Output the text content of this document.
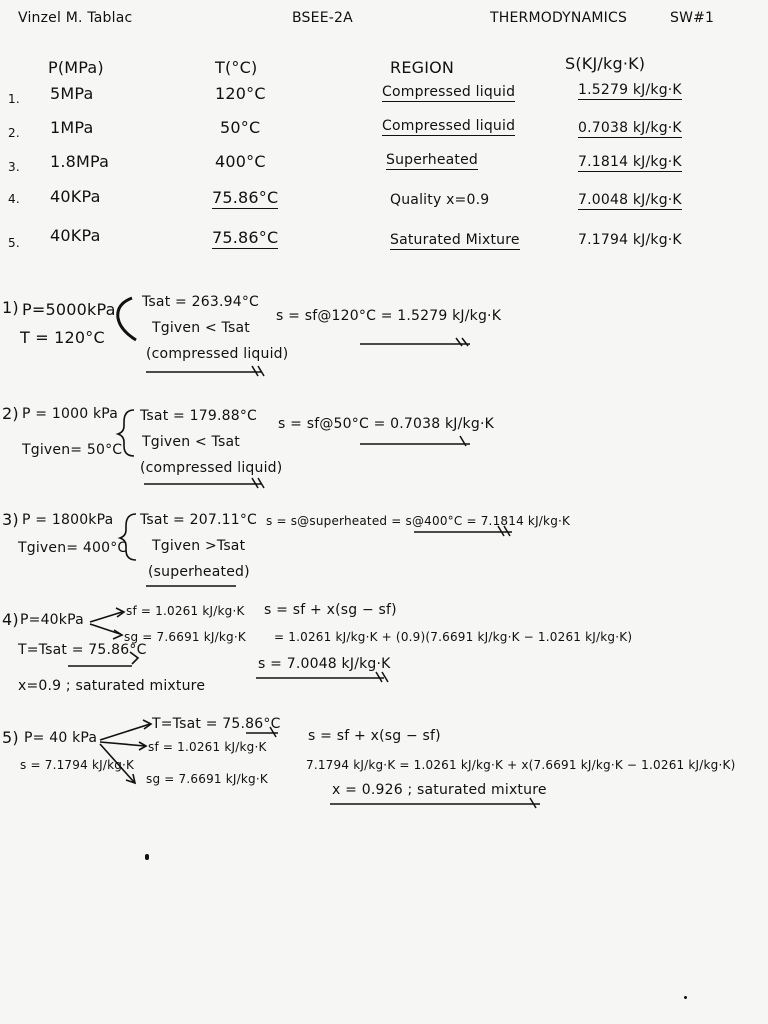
Vinzel M. Tablac	BSEE-2A	THERMODYNAMICS	SW#1
P(MPa)	T(°C)	REGION	S(KJ/kg·K)
1. 5MPa	120°C	Compressed liquid	1.5279 kJ/kg·K
2. 1MPa	50°C	Compressed liquid	0.7038 kJ/kg·K
3. 1.8MPa	400°C	Superheated	7.1814 kJ/kg·K
4. 40KPa	75.86°C	Quality x=0.9	7.0048 kJ/kg·K
5. 40KPa	75.86°C	Saturated Mixture	7.1794 kJ/kg·K
1) P=5000kPa
T = 120°C
Tsat = 263.94°C
Tgiven < Tsat
(compressed liquid)
s = sf@120°C = 1.5279 kJ/kg·K
2) P = 1000 kPa
Tgiven= 50°C
Tsat = 179.88°C
Tgiven < Tsat
(compressed liquid)
s = sf@50°C = 0.7038 kJ/kg·K
3) P = 1800kPa
Tgiven= 400°C
Tsat = 207.11°C
Tgiven >Tsat
(superheated)
s = s@superheated = s@400°C = 7.1814 kJ/kg·K
4) P=40kPa
T=Tsat = 75.86°C
sf = 1.0261 kJ/kg·K
sg = 7.6691 kJ/kg·K
x=0.9 ; saturated mixture
s = sf + x(sg − sf)
= 1.0261 kJ/kg·K + (0.9)(7.6691 kJ/kg·K − 1.0261 kJ/kg·K)
s = 7.0048 kJ/kg·K
5) P= 40 kPa
s = 7.1794 kJ/kg·K
T=Tsat = 75.86°C
sf = 1.0261 kJ/kg·K
sg = 7.6691 kJ/kg·K
s = sf + x(sg − sf)
7.1794 kJ/kg·K = 1.0261 kJ/kg·K + x(7.6691 kJ/kg·K − 1.0261 kJ/kg·K)
x = 0.926 ; saturated mixture
